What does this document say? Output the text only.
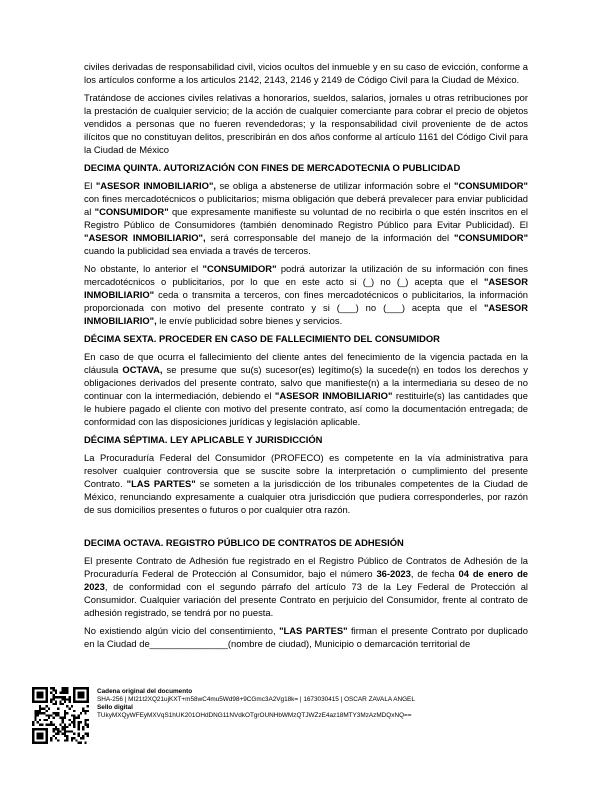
civiles derivadas de responsabilidad civil, vicios ocultos del inmueble y en su caso de evicción, conforme a los artículos conforme a los articulos 2142, 2143, 2146 y 2149 de Código Civil para la Ciudad de México.

Tratándose de acciones civiles relativas a honorarios, sueldos, salarios, jornales u otras retribuciones por la prestación de cualquier servicio; de la acción de cualquier comerciante para cobrar el precio de objetos vendidos a personas que no fueren revendedoras; y la responsabilidad civil proveniente de de actos ilícitos que no constituyan delitos, prescribirán en dos años conforme al artículo 1161 del Código Civil para la Ciudad de México

DECIMA QUINTA. AUTORIZACIÓN CON FINES DE MERCADOTECNIA O PUBLICIDAD

El "ASESOR INMOBILIARIO", se obliga a abstenerse de utilizar información sobre el "CONSUMIDOR" con fines mercadotécnicos o publicitarios; misma obligación que deberá prevalecer para enviar publicidad al "CONSUMIDOR" que expresamente manifieste su voluntad de no recibirla o que estén inscritos en el Registro Público de Consumidores (también denominado Registro Público para Evitar Publicidad). El "ASESOR INMOBILIARIO", será corresponsable del manejo de la información del "CONSUMIDOR" cuando la publicidad sea enviada a través de terceros.

No obstante, lo anterior el "CONSUMIDOR" podrá autorizar la utilización de su información con fines mercadotécnicos o publicitarios, por lo que en este acto si (_) no (_) acepta que el "ASESOR INMOBILIARIO" ceda o transmita a terceros, con fines mercadotécnicos o publicitarios, la información proporcionada con motivo del presente contrato y si (___) no (___) acepta que el "ASESOR INMOBILIARIO", le envíe publicidad sobre bienes y servicios.

DÉCIMA SEXTA. PROCEDER EN CASO DE FALLECIMIENTO DEL CONSUMIDOR

En caso de que ocurra el fallecimiento del cliente antes del fenecimiento de la vigencia pactada en la cláusula OCTAVA, se presume que su(s) sucesor(es) legítimo(s) la sucede(n) en todos los derechos y obligaciones derivados del presente contrato, salvo que manifieste(n) a la intermediaria su deseo de no continuar con la intermediación, debiendo el "ASESOR INMOBILIARIO" restituirle(s) las cantidades que le hubiere pagado el cliente con motivo del presente contrato, así como la documentación entregada; de conformidad con las disposiciones jurídicas y legislación aplicable.

DÉCIMA SÉPTIMA. LEY APLICABLE Y JURISDICCIÓN

La Procuraduría Federal del Consumidor (PROFECO) es competente en la vía administrativa para resolver cualquier controversia que se suscite sobre la interpretación o cumplimiento del presente Contrato. "LAS PARTES" se someten a la jurisdicción de los tribunales competentes de la Ciudad de México, renunciando expresamente a cualquier otra jurisdicción que pudiera corresponderles, por razón de sus domicilios presentes o futuros o por cualquier otra razón.

DECIMA OCTAVA. REGISTRO PÚBLICO DE CONTRATOS DE ADHESIÓN

El presente Contrato de Adhesión fue registrado en el Registro Público de Contratos de Adhesión de la Procuraduría Federal de Protección al Consumidor, bajo el número 36-2023, de fecha 04 de enero de 2023, de conformidad con el segundo párrafo del artículo 73 de la Ley Federal de Protección al Consumidor. Cualquier variación del presente Contrato en perjuicio del Consumidor, frente al contrato de adhesión registrado, se tendrá por no puesta.

No existiendo algún vicio del consentimiento, "LAS PARTES" firman el presente Contrato por duplicado en la Ciudad de_______________(nombre de ciudad), Municipio o demarcación territorial de

Cadena original del documento
SHA-256 | MI21t2XQ21ujKXT+m58wC4mu5Wd98+9CGmc3A2Vg18k= | 1673030415 | OSCAR ZAVALA ANGEL
Sello digital
TUkyMXQyWFEyMXVqS1hUK201OHdDNG11NVdkOTgrOUNHbWMzQTJWZzE4az18MTY3MzAzMDQxNQ==
